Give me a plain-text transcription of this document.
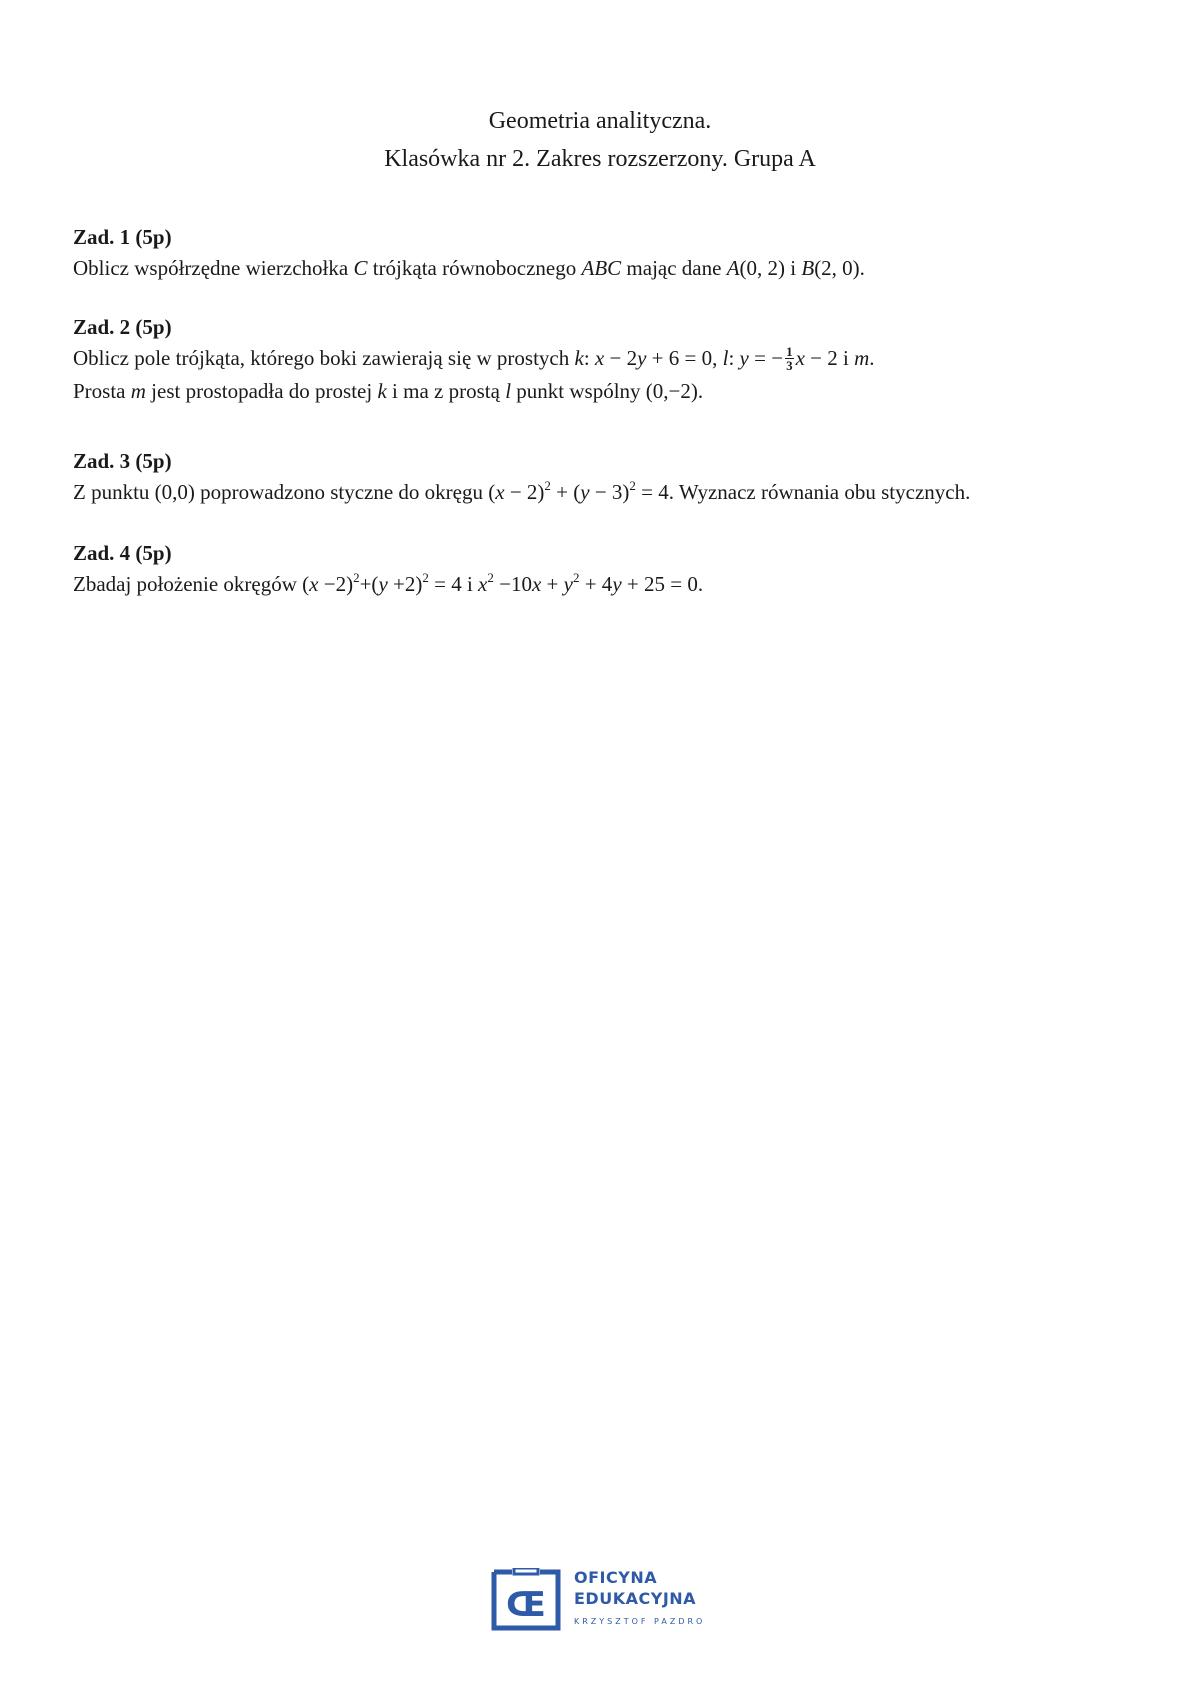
Geometria analityczna.
Klasówka nr 2. Zakres rozszerzony. Grupa A
Zad. 1 (5p)
Oblicz współrzędne wierzchołka C trójkąta równobocznego ABC mając dane A(0, 2) i B(2, 0).
Zad. 2 (5p)
Oblicz pole trójkąta, którego boki zawierają się w prostych k: x − 2y + 6 = 0, l: y = − $\frac{1}{3}$ x − 2 i m.
Prosta m jest prostopadła do prostej k i ma z prostą l punkt wspólny (0,−2).
Zad. 3 (5p)
Z punktu (0,0) poprowadzono styczne do okręgu $(x - 2)^2 + (y - 3)^2 = 4$. Wyznacz równania obu stycznych.
Zad. 4 (5p)
Zbadaj położenie okręgów $(x -2)^2+(y +2)^2 = 4$ i $x^2 -10x + y^2 + 4y + 25 = 0$.
Œ
OFICYNA
EDUKACYJNA
KRZYSZTOF PAZDRO
